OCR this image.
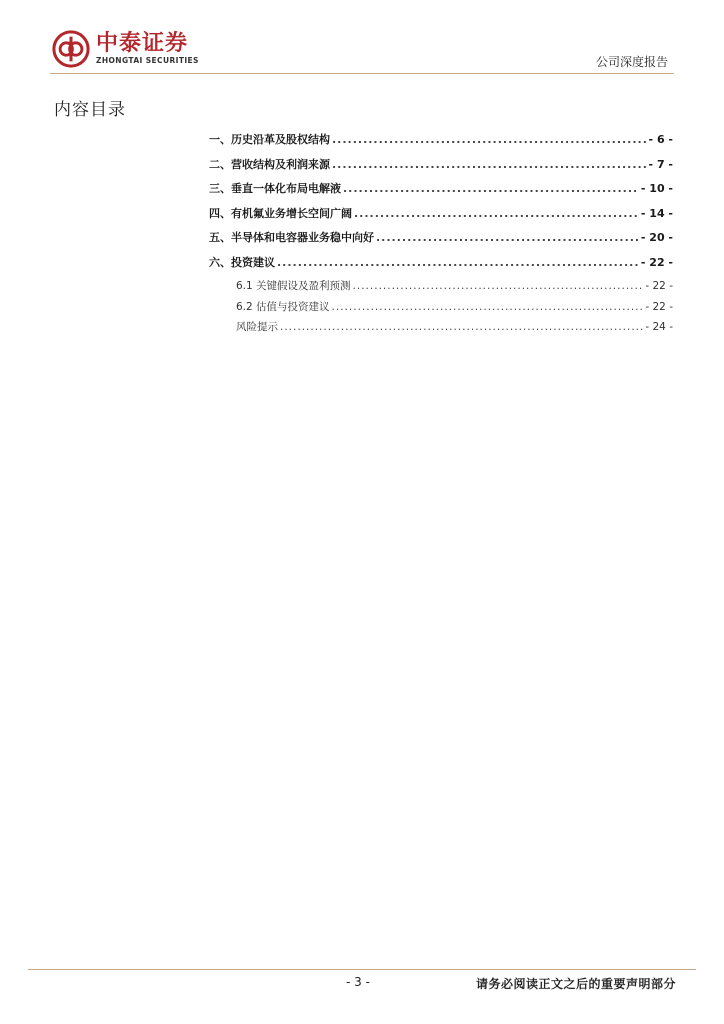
中泰证券
ZHONGTAI SECURITIES	公司深度报告
内容目录
一、历史沿革及股权结构 .....	- 6 -
二、营收结构及利润来源 .....	- 7 -
三、垂直一体化布局电解液 .....	- 10 -
四、有机氟业务增长空间广阔 .....	- 14 -
五、半导体和电容器业务稳中向好 .....	- 20 -
六、投资建议 .....	- 22 -
6.1 关键假设及盈利预测 .....	- 22 -
6.2 估值与投资建议 .....	- 22 -
风险提示 .....	- 24 -
- 3 -	请务必阅读正文之后的重要声明部分
